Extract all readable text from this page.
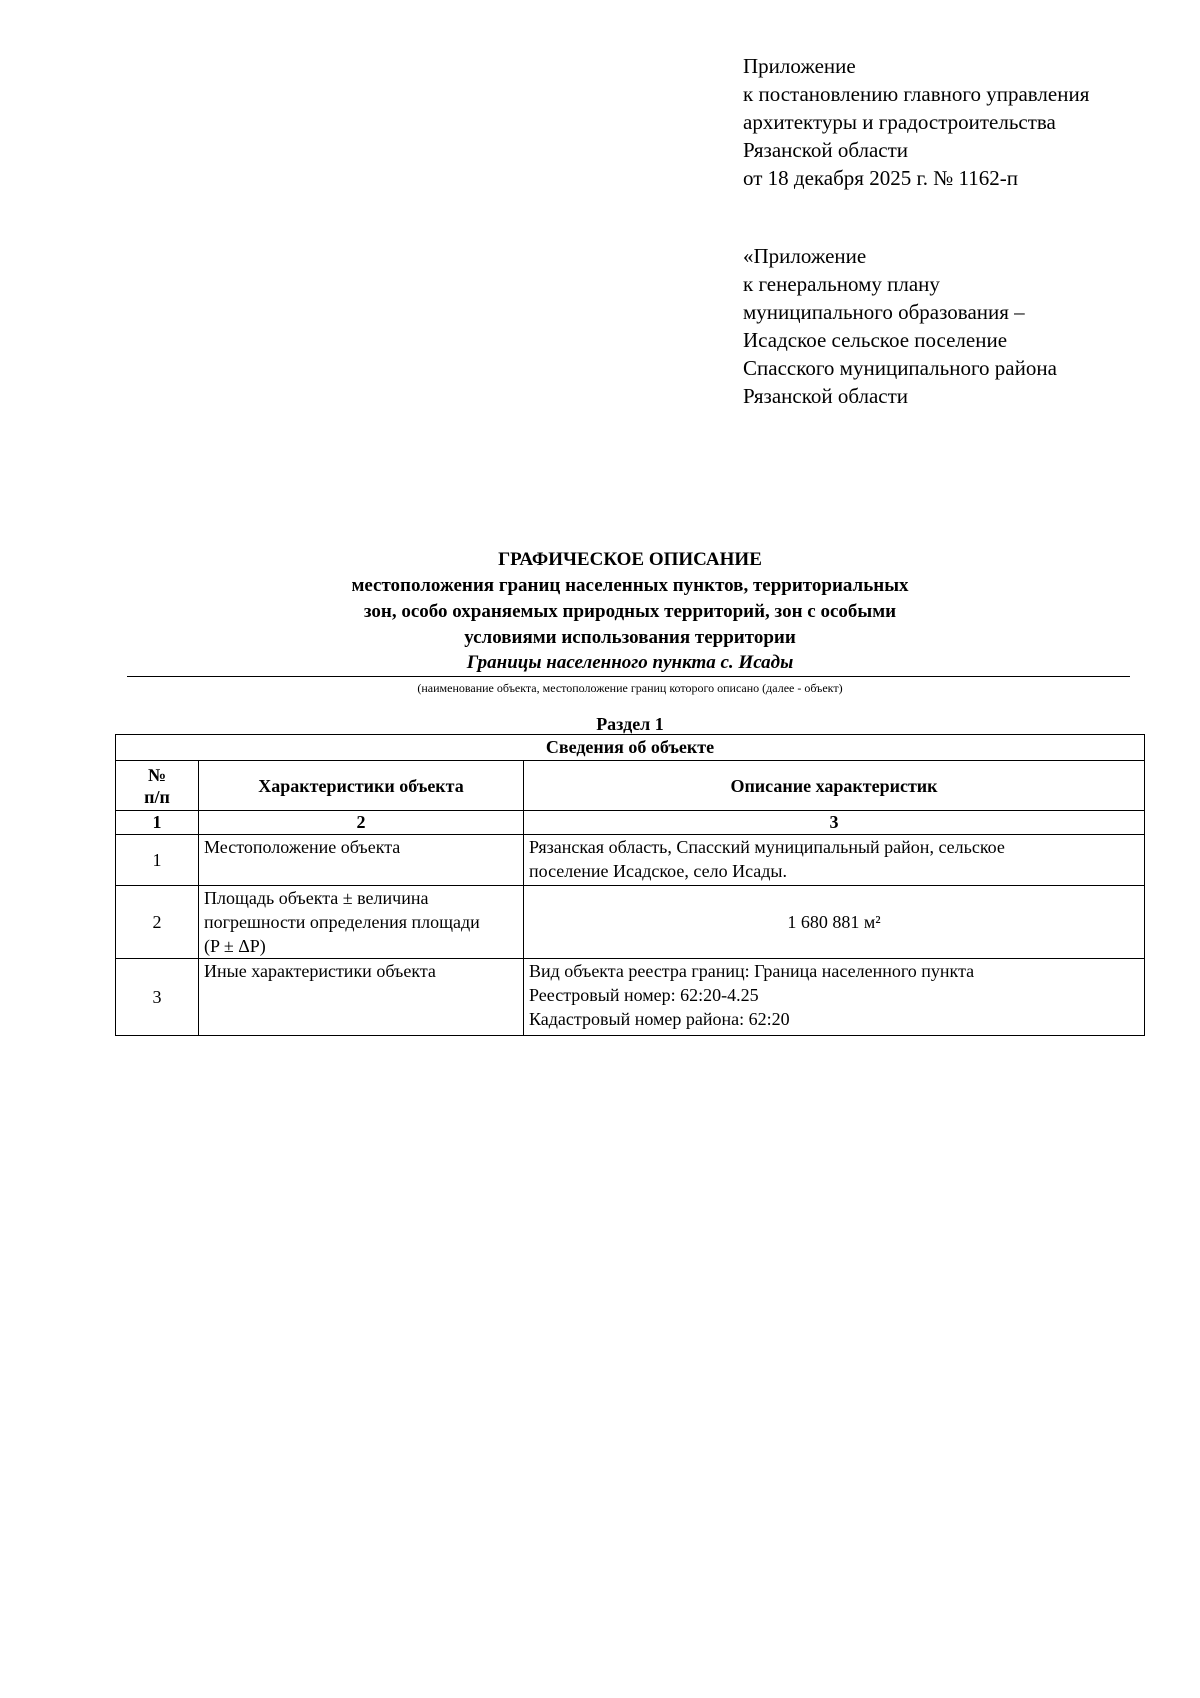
Приложение
к постановлению главного управления
архитектуры и градостроительства
Рязанской области
от 18 декабря 2025 г. № 1162-п
«Приложение
к генеральному плану
муниципального образования –
Исадское сельское поселение
Спасского муниципального района
Рязанской области
ГРАФИЧЕСКОЕ ОПИСАНИЕ
местоположения границ населенных пунктов, территориальных
зон, особо охраняемых природных территорий, зон с особыми
условиями использования территории
Границы населенного пункта с. Исады
(наименование объекта, местоположение границ которого описано (далее - объект)
Раздел 1
Сведения об объекте		

№
п/п	Характеристики объекта	Описание характеристик
1	2	3
1	Местоположение объекта	Рязанская область, Спасский муниципальный район, сельское
поселение Исадское, село Исады.

2	Площадь объекта ± величина
погрешности определения площади
(P ± ΔP)	1 680 881 м²

3	Иные характеристики объекта	Вид объекта реестра границ: Граница населенного пункта
Реестровый номер: 62:20-4.25
Кадастровый номер района: 62:20
